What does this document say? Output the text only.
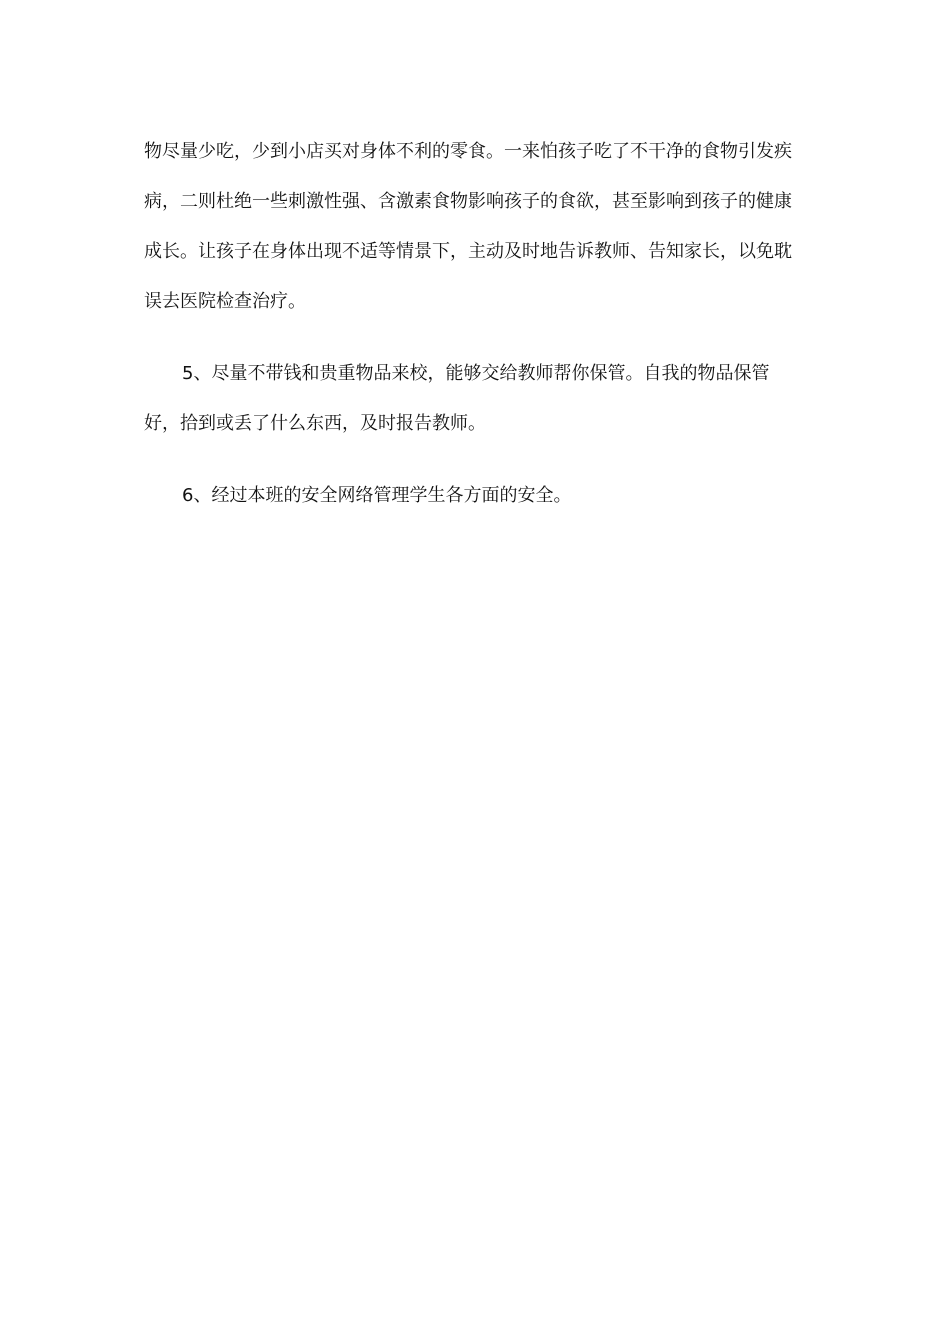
物尽量少吃，少到小店买对身体不利的零食。一来怕孩子吃了不干净的食物引发疾病，二则杜绝一些刺激性强、含激素食物影响孩子的食欲，甚至影响到孩子的健康成长。让孩子在身体出现不适等情景下，主动及时地告诉教师、告知家长，以免耽误去医院检查治疗。

5、尽量不带钱和贵重物品来校，能够交给教师帮你保管。自我的物品保管好，拾到或丢了什么东西，及时报告教师。

6、经过本班的安全网络管理学生各方面的安全。
